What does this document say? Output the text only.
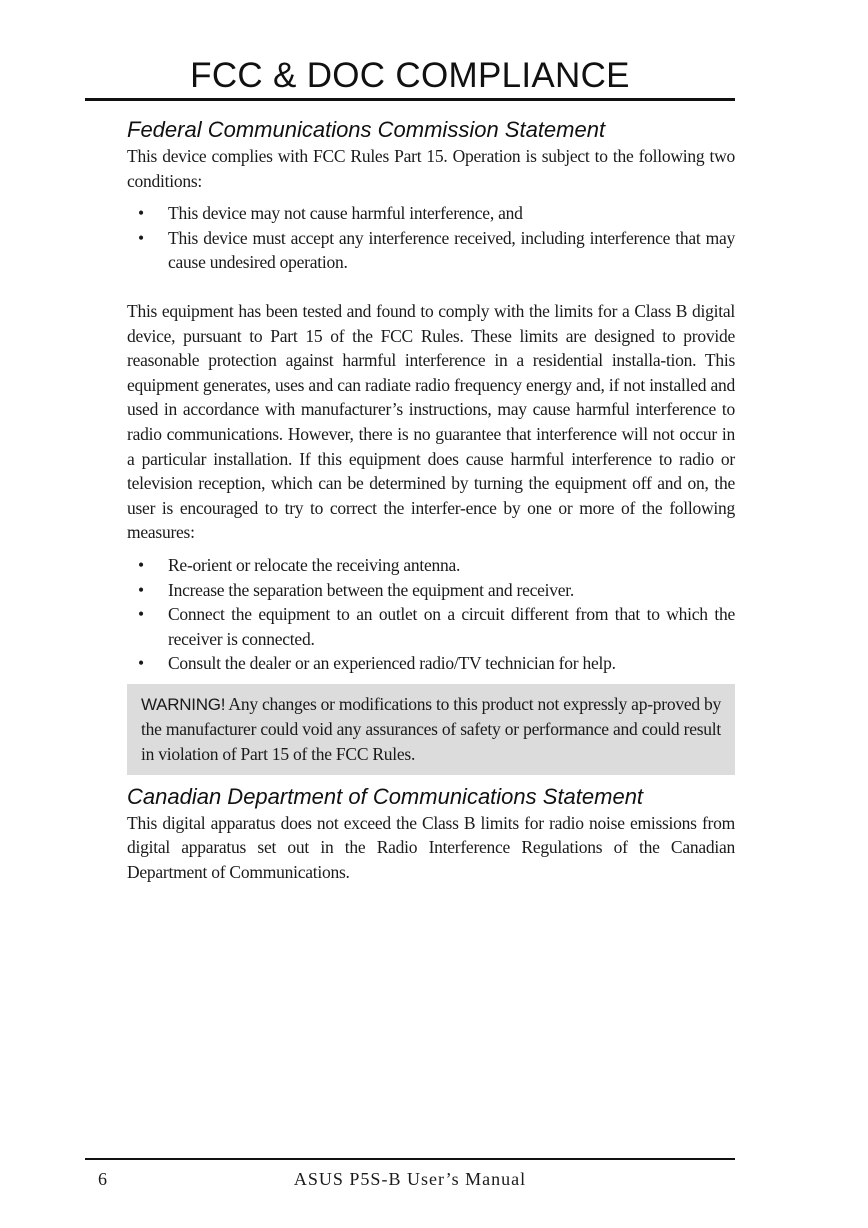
FCC & DOC COMPLIANCE
Federal Communications Commission Statement

This device complies with FCC Rules Part 15. Operation is subject to the following two conditions:

• This device may not cause harmful interference, and
• This device must accept any interference received, including interference that may cause undesired operation.

This equipment has been tested and found to comply with the limits for a Class B digital device, pursuant to Part 15 of the FCC Rules. These limits are designed to provide reasonable protection against harmful interference in a residential installa-tion. This equipment generates, uses and can radiate radio frequency energy and, if not installed and used in accordance with manufacturer’s instructions, may cause harmful interference to radio communications. However, there is no guarantee that interference will not occur in a particular installation. If this equipment does cause harmful interference to radio or television reception, which can be determined by turning the equipment off and on, the user is encouraged to try to correct the interfer-ence by one or more of the following measures:

• Re-orient or relocate the receiving antenna.
• Increase the separation between the equipment and receiver.
• Connect the equipment to an outlet on a circuit different from that to which the receiver is connected.
• Consult the dealer or an experienced radio/TV technician for help.
WARNING! Any changes or modifications to this product not expressly ap-proved by the manufacturer could void any assurances of safety or performance and could result in violation of Part 15 of the FCC Rules.
Canadian Department of Communications Statement

This digital apparatus does not exceed the Class B limits for radio noise emissions from digital apparatus set out in the Radio Interference Regulations of the Canadian Department of Communications.

6	ASUS P5S-B User’s Manual
